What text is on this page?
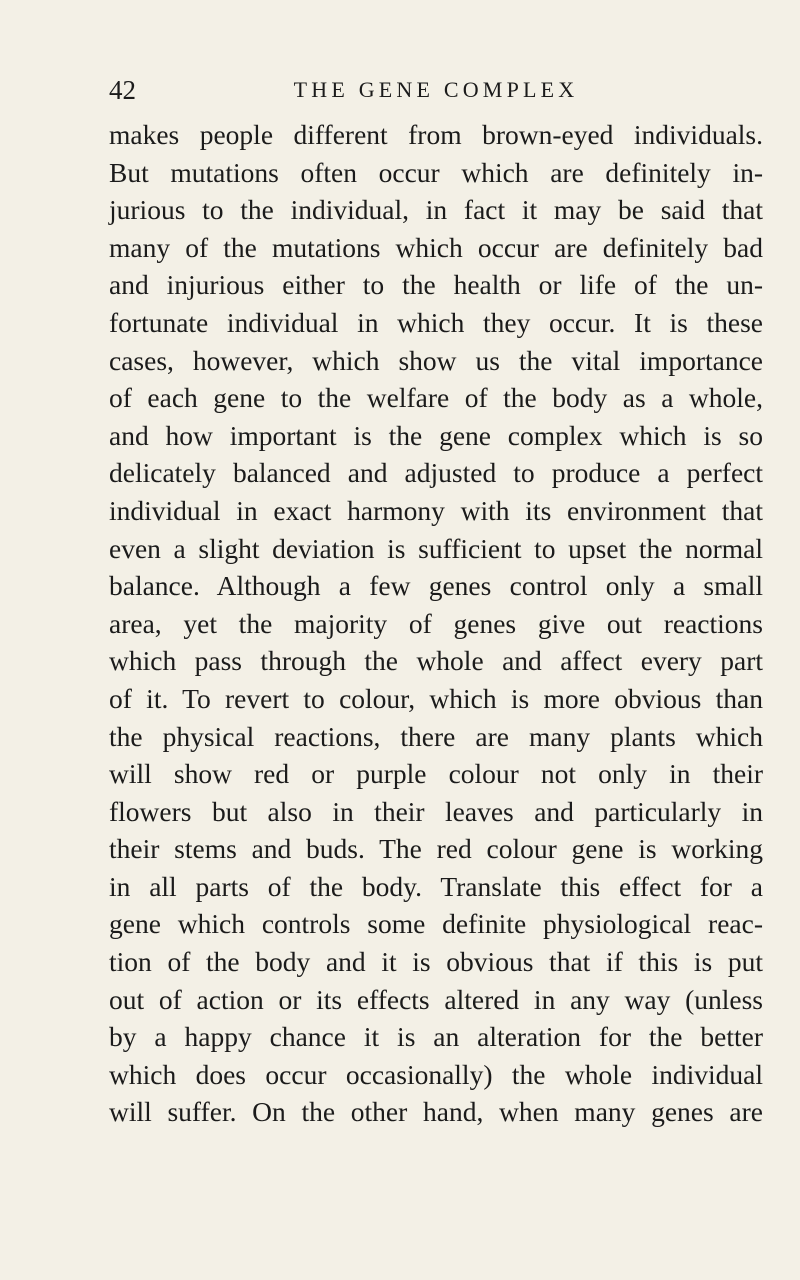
42	THE GENE COMPLEX
makes people different from brown-eyed individuals.
But mutations often occur which are definitely in-
jurious to the individual, in fact it may be said that
many of the mutations which occur are definitely bad
and injurious either to the health or life of the un-
fortunate individual in which they occur. It is these
cases, however, which show us the vital importance
of each gene to the welfare of the body as a whole,
and how important is the gene complex which is so
delicately balanced and adjusted to produce a perfect
individual in exact harmony with its environment that
even a slight deviation is sufficient to upset the normal
balance. Although a few genes control only a small
area, yet the majority of genes give out reactions
which pass through the whole and affect every part
of it. To revert to colour, which is more obvious than
the physical reactions, there are many plants which
will show red or purple colour not only in their
flowers but also in their leaves and particularly in
their stems and buds. The red colour gene is working
in all parts of the body. Translate this effect for a
gene which controls some definite physiological reac-
tion of the body and it is obvious that if this is put
out of action or its effects altered in any way (unless
by a happy chance it is an alteration for the better
which does occur occasionally) the whole individual
will suffer. On the other hand, when many genes are
